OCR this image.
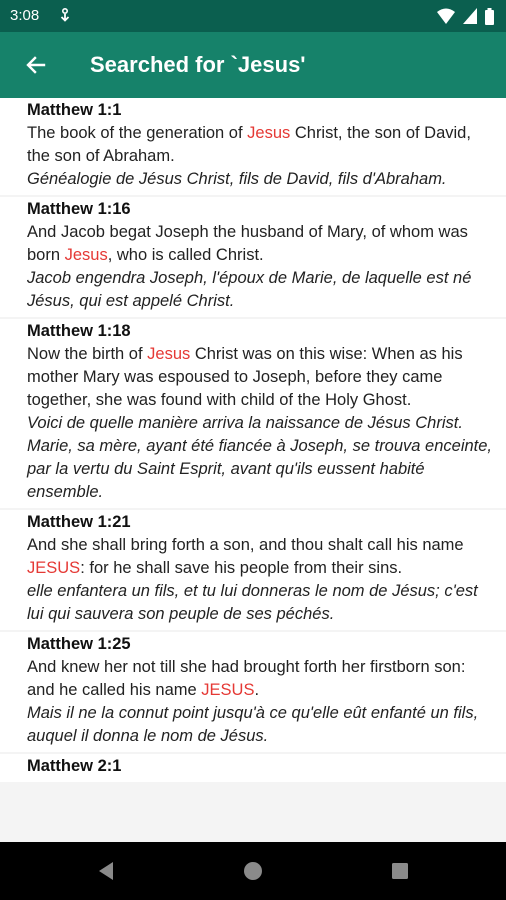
3:08
Searched for `Jesus'
Matthew 1:1
The book of the generation of Jesus Christ, the son of David, the son of Abraham.
Généalogie de Jésus Christ, fils de David, fils d'Abraham.
Matthew 1:16
And Jacob begat Joseph the husband of Mary, of whom was born Jesus, who is called Christ.
Jacob engendra Joseph, l'époux de Marie, de laquelle est né Jésus, qui est appelé Christ.
Matthew 1:18
Now the birth of Jesus Christ was on this wise: When as his mother Mary was espoused to Joseph, before they came together, she was found with child of the Holy Ghost.
Voici de quelle manière arriva la naissance de Jésus Christ. Marie, sa mère, ayant été fiancée à Joseph, se trouva enceinte, par la vertu du Saint Esprit, avant qu'ils eussent habité ensemble.
Matthew 1:21
And she shall bring forth a son, and thou shalt call his name JESUS: for he shall save his people from their sins.
elle enfantera un fils, et tu lui donneras le nom de Jésus; c'est lui qui sauvera son peuple de ses péchés.
Matthew 1:25
And knew her not till she had brought forth her firstborn son: and he called his name JESUS.
Mais il ne la connut point jusqu'à ce qu'elle eût enfanté un fils, auquel il donna le nom de Jésus.
Matthew 2:1
